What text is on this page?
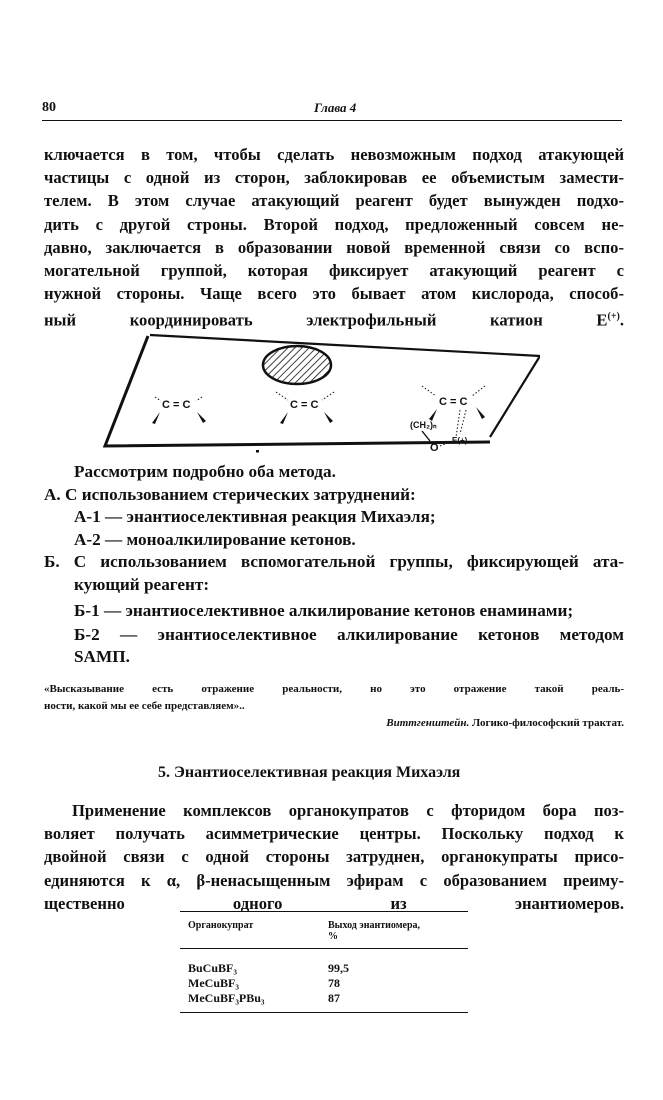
80	Глава 4
ключается в том, чтобы сделать невозможным подход атакующей
частицы с одной из сторон, заблокировав ее объемистым замести-
телем. В этом случае атакующий реагент будет вынужден подхо-
дить с другой строны. Второй подход, предложенный совсем не-
давно, заключается в образовании новой временной связи со вспо-
могательной группой, которая фиксирует атакующий реагент с
нужной стороны. Чаще всего это бывает атом кислорода, способ-
ный координировать электрофильный катион E(+).
C = C	C = C	C = C
(CH₂)ₙ
O
E(+)
Рассмотрим подробно оба метода.
А. С использованием стерических затруднений:
А-1 — энантиоселективная реакция Михаэля;
А-2 — моноалкилирование кетонов.
Б. С использованием вспомогательной группы, фиксирующей ата-
кующий реагент:
Б-1 — энантиоселективное алкилирование кетонов енаминами;
Б-2 — энантиоселективное алкилирование кетонов методом
SAMП.
«Высказывание есть отражение реальности, но это отражение такой реаль-
ности, какой мы ее себе представляем»..
Виттгенштейн. Логико-философский трактат.
5. Энантиоселективная реакция Михаэля
Применение комплексов органокупратов с фторидом бора поз-
воляет получать асимметрические центры. Поскольку подход к
двойной связи с одной стороны затруднен, органокупраты присо-
единяются к α, β-ненасыщенным эфирам с образованием преиму-
щественно одного из энантиомеров.
Органокупрат	Выход энантиомера,
%
BuCuBF₃	99,5
MeCuBF₃	78
MeCuBF₃PBu₃	87
